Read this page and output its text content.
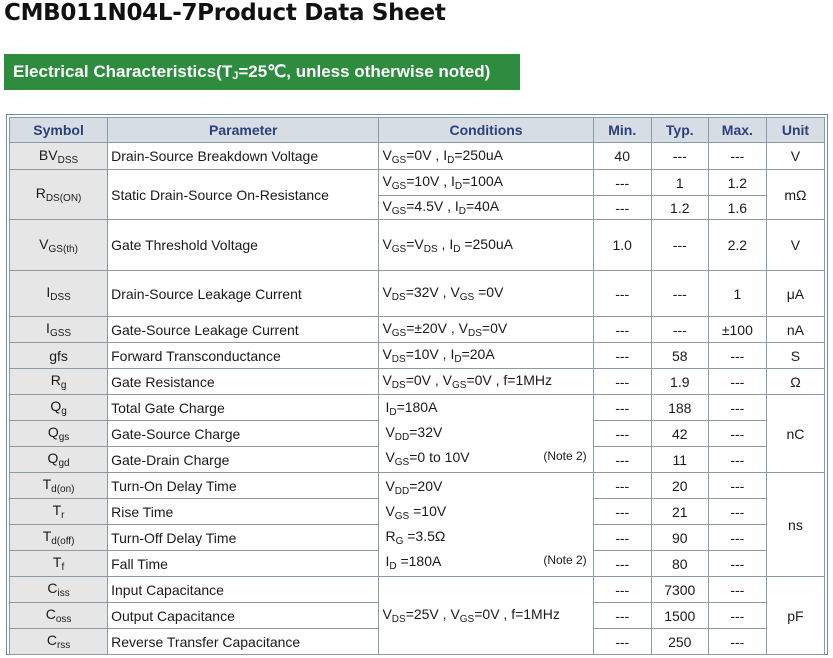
CMB011N04L-7Product Data Sheet
Electrical $Characteristics(T_J=25℃$, unless otherwise noted)
Symbol	Parameter	Conditions	Min.	Typ.	Max.	Unit
$BV_{DSS}$	Drain-Source Breakdown Voltage	$V_{GS}=0V$ , $I_D=250uA$	40	---	---	V
$R_{DS(ON)}$	Static Drain-Source On-Resistance	$V_{GS}=10V$ , $I_D=100A$	---	1	1.2	mΩ
		$V_{GS}=4.5V$ , $I_D=40A$	---	1.2	1.6	
$V_{GS(th)}$	Gate Threshold Voltage	$V_{GS}=V_{DS}$ , $I_D =250uA$	1.0	---	2.2	V
$I_{DSS}$	Drain-Source Leakage Current	$V_{DS}=32V$ , $V_{GS} =0V$	---	---	1	μA
$I_{GSS}$	Gate-Source Leakage Current	$V_{GS}=\pm 20V$ , $V_{DS}=0V$	---	---	±100	nA
gfs	Forward Transconductance	$V_{DS}=10V$ , $I_D=20A$	---	58	---	S
$R_g$	Gate Resistance	$V_{DS}=0V$ , $V_{GS}=0V$ , f=1MHz	---	1.9	---	Ω
$Q_g$	Total Gate Charge	$I_D=180A$
$V_{DD}=32V$
$V_{GS}=0$ to 10V (Note 2)	---	188	---	nC
$Q_{gs}$	Gate-Source Charge		---	42	---	
$Q_{gd}$	Gate-Drain Charge		---	11	---	
$T_{d(on)}$	Turn-On Delay Time	$V_{DD}=20V$
$V_{GS} =10V$
$R_G =3.5\Omega$
$I_D =180A$ (Note 2)	---	20	---	ns
$T_r$	Rise Time		---	21	---	
$T_{d(off)}$	Turn-Off Delay Time		---	90	---	
$T_f$	Fall Time		---	80	---	
$C_{iss}$	Input Capacitance	$V_{DS}=25V$ , $V_{GS}=0V$ , f=1MHz	---	7300	---	pF
$C_{oss}$	Output Capacitance		---	1500	---	
$C_{rss}$	Reverse Transfer Capacitance		---	250	---	
